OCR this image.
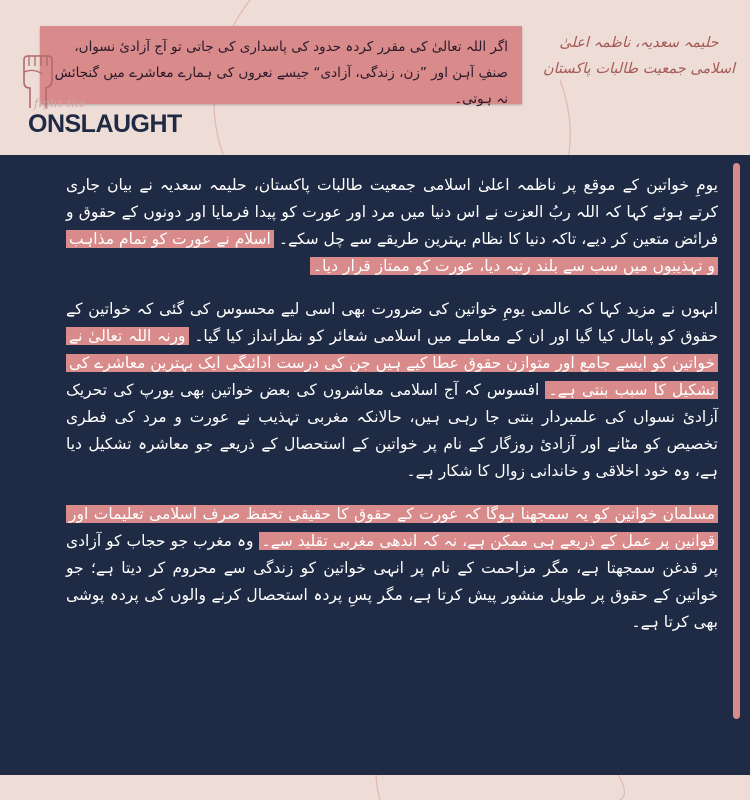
اگر اللہ تعالیٰ کی مقرر کردہ حدود کی پاسداری کی جاتی تو آج آزادیٔ نسواں، صنفِ آہن اور ”زن، زندگی، آزادی“ جیسے نعروں کی ہمارے معاشرے میں گنجائش نہ ہوتی۔
حلیمہ سعدیہ، ناظمہ اعلیٰ
اسلامی جمعیت طالبات پاکستان
fight the
ONSLAUGHT

یومِ خواتین کے موقع پر ناظمہ اعلیٰ اسلامی جمعیت طالبات پاکستان، حلیمہ سعدیہ نے بیان جاری کرتے ہوئے کہا کہ اللہ ربُ العزت نے اس دنیا میں مرد اور عورت کو پیدا فرمایا اور دونوں کے حقوق و فرائض متعین کر دیے، تاکہ دنیا کا نظام بہترین طریقے سے چل سکے۔ اسلام نے عورت کو تمام مذاہب و تہذیبوں میں سب سے بلند رتبہ دیا، عورت کو ممتاز قرار دیا۔

انہوں نے مزید کہا کہ عالمی یومِ خواتین کی ضرورت بھی اسی لیے محسوس کی گئی کہ خواتین کے حقوق کو پامال کیا گیا اور ان کے معاملے میں اسلامی شعائر کو نظرانداز کیا گیا۔ ورنہ اللہ تعالیٰ نے خواتین کو ایسے جامع اور متوازن حقوق عطا کیے ہیں جن کی درست ادائیگی ایک بہترین معاشرے کی تشکیل کا سبب بنتی ہے۔ افسوس کہ آج اسلامی معاشروں کی بعض خواتین بھی یورپ کی تحریک آزادیٔ نسواں کی علمبردار بنتی جا رہی ہیں، حالانکہ مغربی تہذیب نے عورت و مرد کی فطری تخصیص کو مٹانے اور آزادیٔ روزگار کے نام پر خواتین کے استحصال کے ذریعے جو معاشرہ تشکیل دیا ہے، وہ خود اخلاقی و خاندانی زوال کا شکار ہے۔

مسلمان خواتین کو یہ سمجھنا ہوگا کہ عورت کے حقوق کا حقیقی تحفظ صرف اسلامی تعلیمات اور قوانین پر عمل کے ذریعے ہی ممکن ہے، نہ کہ اندھی مغربی تقلید سے۔ وہ مغرب جو حجاب کو آزادی پر قدغن سمجھتا ہے، مگر مزاحمت کے نام پر انہی خواتین کو زندگی سے محروم کر دیتا ہے؛ جو خواتین کے حقوق پر طویل منشور پیش کرتا ہے، مگر پسِ پردہ استحصال کرنے والوں کی پردہ پوشی بھی کرتا ہے۔
